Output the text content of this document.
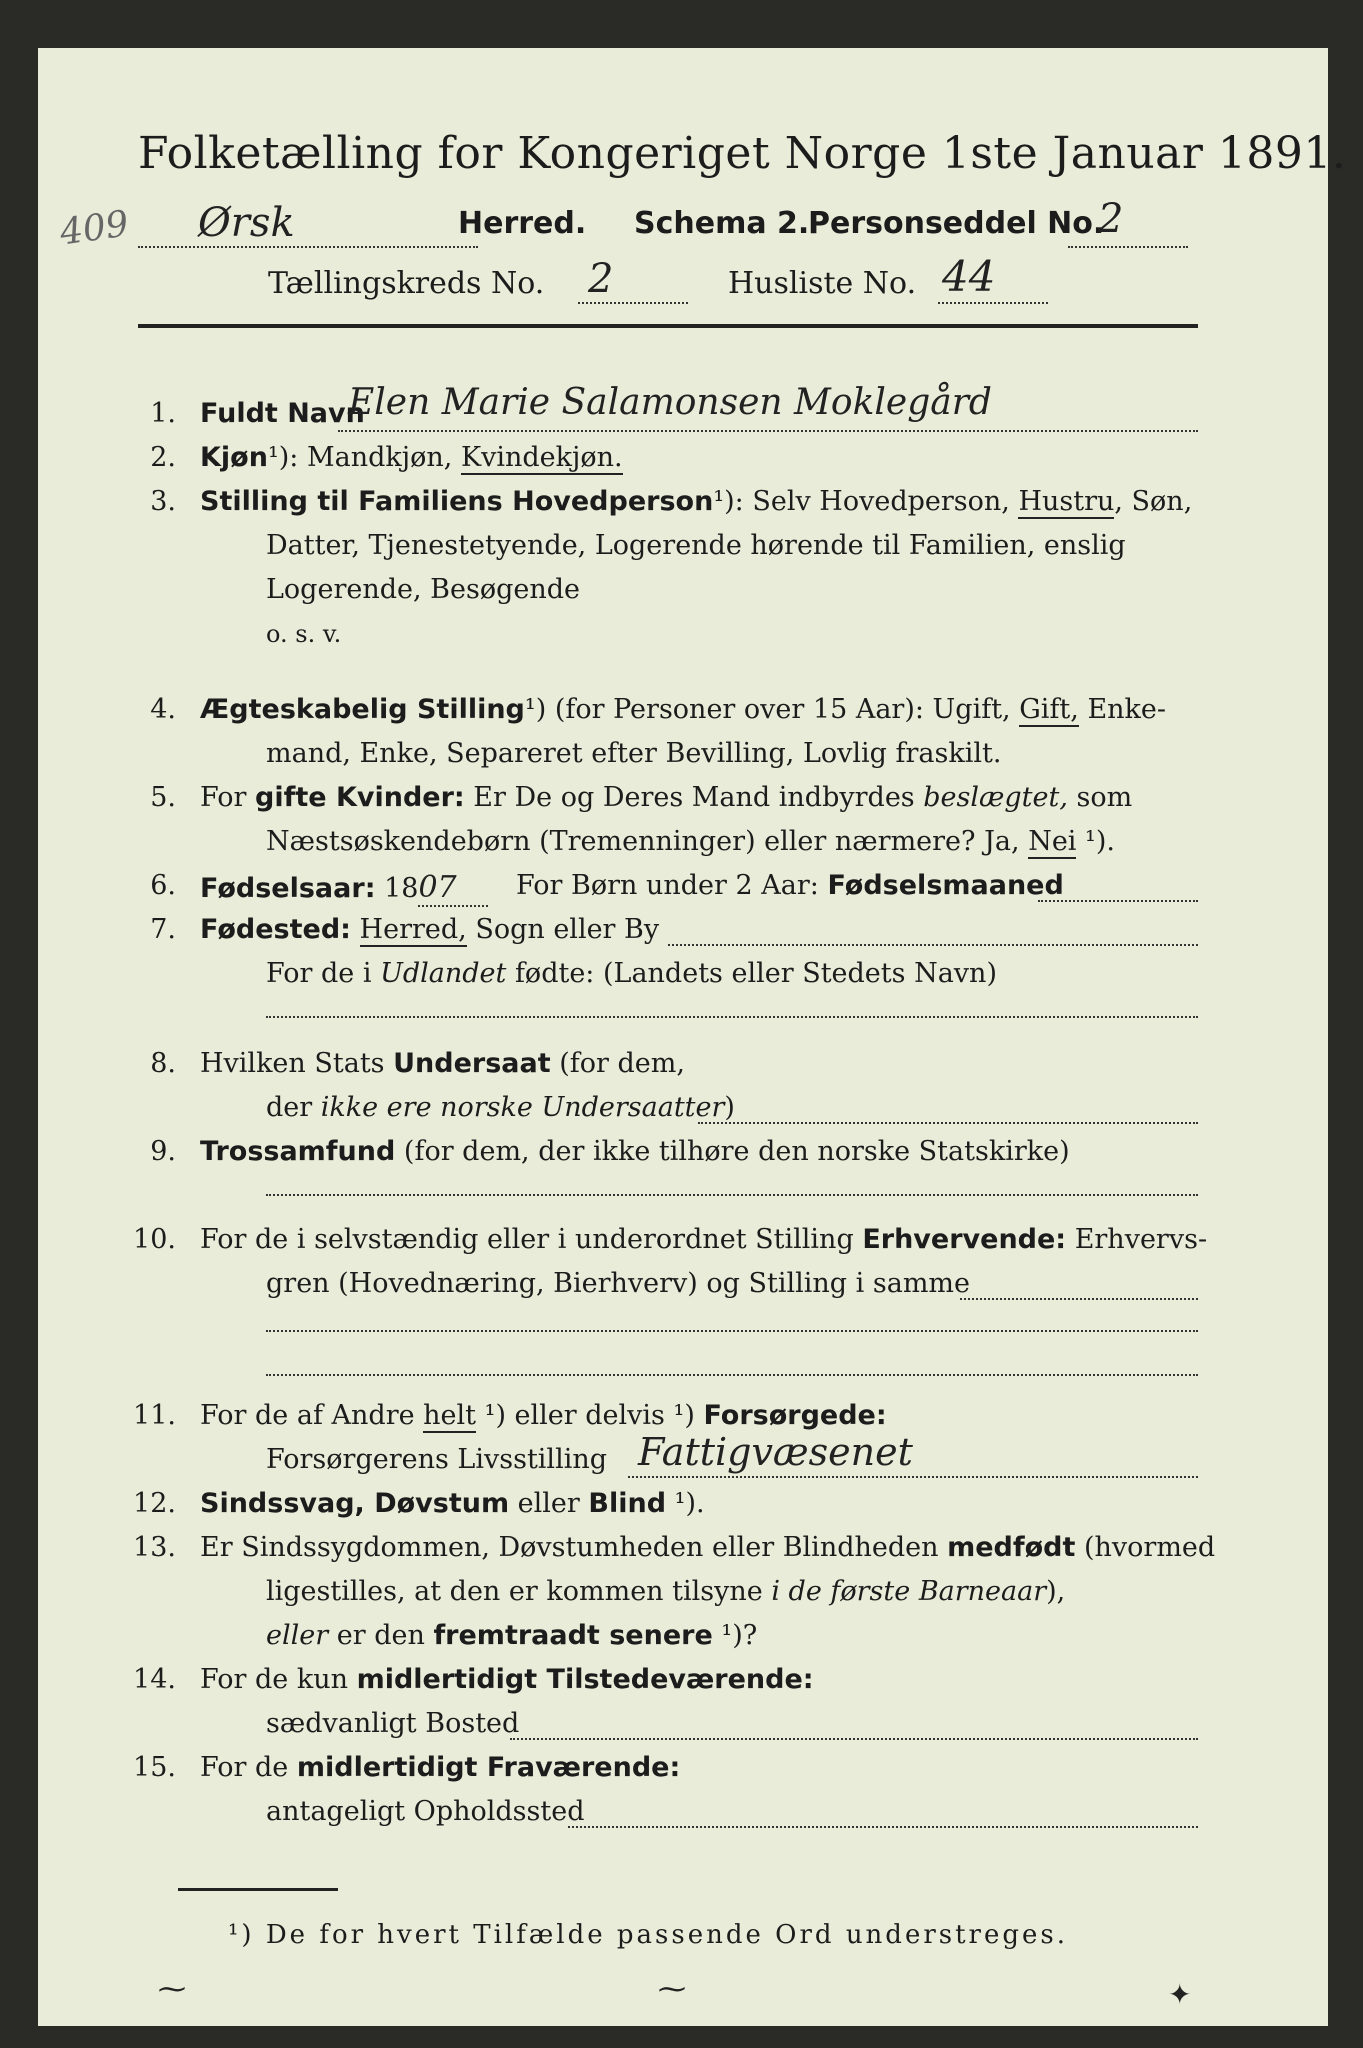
Folketælling for Kongeriget Norge 1ste Januar 1891.
409 Ørsk	Herred. Schema 2.
Personseddel No.
2
Tællingskreds No. 2	Husliste No. 44
1. Fuldt Navn
Elen Marie Salamonsen Moklegård
2. Kjøn¹): Mandkjøn, Kvindekjøn.
3. Stilling til Familiens Hovedperson¹): Selv Hovedperson, Hustru, Søn,
Datter, Tjenestetyende, Logerende hørende til Familien, enslig
Logerende, Besøgende
o. s. v.
4. Ægteskabelig Stilling¹) (for Personer over 15 Aar): Ugift, Gift, Enke-
mand, Enke, Separeret efter Bevilling, Lovlig fraskilt.
5. For gifte Kvinder: Er De og Deres Mand indbyrdes beslægtet, som
Næstsøskendebørn (Tremenninger) eller nærmere? Ja, Nei ¹).
6. Fødselsaar: 1807	For Børn under 2 Aar: Fødselsmaaned
7. Fødested: Herred, Sogn eller By
For de i Udlandet fødte: (Landets eller Stedets Navn)
8. Hvilken Stats Undersaat (for dem,
der ikke ere norske Undersaatter)
9. Trossamfund (for dem, der ikke tilhøre den norske Statskirke)
10. For de i selvstændig eller i underordnet Stilling Erhvervende: Erhvervs-
gren (Hovednæring, Bierhverv) og Stilling i samme
11. For de af Andre helt ¹) eller delvis ¹) Forsørgede:
Forsørgerens Livsstilling Fattigvæsenet
12. Sindssvag, Døvstum eller Blind ¹).
13. Er Sindssygdommen, Døvstumheden eller Blindheden medfødt (hvormed
ligestilles, at den er kommen tilsyne i de første Barneaar),
eller er den fremtraadt senere ¹)?
14. For de kun midlertidigt Tilstedeværende:
sædvanligt Bosted
15. For de midlertidigt Fraværende:
antageligt Opholdssted
¹) De for hvert Tilfælde passende Ord understreges.
⁓	⁓	✦
